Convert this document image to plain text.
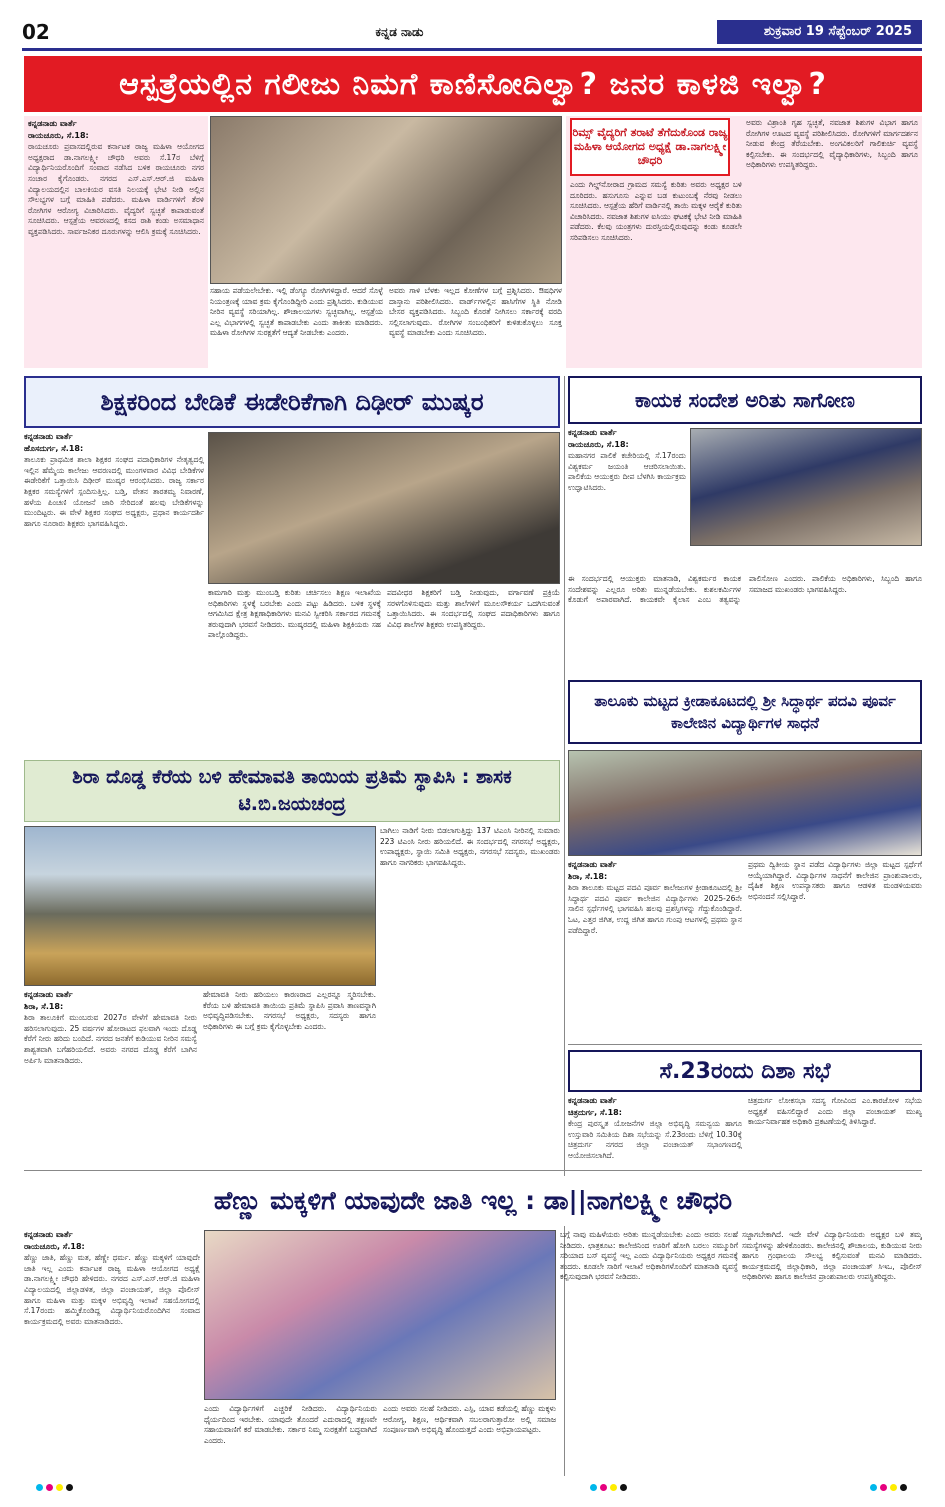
02	ಕನ್ನಡ ನಾಡು	ಶುಕ್ರವಾರ 19 ಸೆಪ್ಟೆಂಬರ್ 2025
ಆಸ್ಪತ್ರೆಯಲ್ಲಿನ ಗಲೀಜು ನಿಮಗೆ ಕಾಣಿಸೋದಿಲ್ವಾ? ಜನರ ಕಾಳಜಿ ಇಲ್ವಾ?
ಕನ್ನಡನಾಡು ವಾರ್ತೆ
ರಾಯಚೂರು, ಸೆ.18:
ರಾಯಚೂರು ಪ್ರವಾಸದಲ್ಲಿರುವ ಕರ್ನಾಟಕ ರಾಜ್ಯ ಮಹಿಳಾ ಆಯೋಗದ ಅಧ್ಯಕ್ಷರಾದ ಡಾ.ನಾಗಲಕ್ಷ್ಮೀ ಚೌಧರಿ ಅವರು ಸೆ.17ರ ಬೆಳಿಗ್ಗೆ ವಿದ್ಯಾರ್ಥಿನಿಯರೊಂದಿಗೆ ಸಂವಾದ ನಡೆಸಿದ ಬಳಿಕ ರಾಯಚೂರು ನಗರ ಸಂಚಾರ ಕೈಗೊಂಡರು. ನಗರದ ಎಸ್.ಎಸ್.ಆರ್.ಜಿ ಮಹಿಳಾ ವಿದ್ಯಾಲಯದಲ್ಲಿನ ಬಾಲಕಿಯರ ವಸತಿ ನಿಲಯಕ್ಕೆ ಭೇಟಿ ನೀಡಿ ಅಲ್ಲಿನ ಸೌಲಭ್ಯಗಳ ಬಗ್ಗೆ ಮಾಹಿತಿ ಪಡೆದರು. ಮಹಿಳಾ ವಾರ್ಡಿಗಳಿಗೆ ತೆರಳಿ ರೋಗಿಗಳ ಆರೋಗ್ಯ ವಿಚಾರಿಸಿದರು. ವೈದ್ಯರಿಗೆ ಸ್ವಚ್ಛತೆ ಕಾಪಾಡುವಂತೆ ಸೂಚಿಸಿದರು. ಆಸ್ಪತ್ರೆಯ ಆವರಣದಲ್ಲಿ ಕಸದ ರಾಶಿ ಕಂಡು ಅಸಮಾಧಾನ ವ್ಯಕ್ತಪಡಿಸಿದರು. ಸಾರ್ವಜನಿಕರ ದೂರುಗಳನ್ನು ಆಲಿಸಿ ಕ್ರಮಕ್ಕೆ ಸೂಚಿಸಿದರು.
ಸಹಾಯ ಪಡೆಯಲೇಬೇಕು. ಇಲ್ಲಿ ಡೆಂಗ್ಯೂ ರೋಗಿಗಳಿದ್ದಾರೆ. ಆದರೆ ಸೊಳ್ಳೆ ನಿಯಂತ್ರಣಕ್ಕೆ ಯಾವ ಕ್ರಮ ಕೈಗೊಂಡಿದ್ದೀರಿ ಎಂದು ಪ್ರಶ್ನಿಸಿದರು. ಕುಡಿಯುವ ನೀರಿನ ವ್ಯವಸ್ಥೆ ಸರಿಯಾಗಿಲ್ಲ. ಶೌಚಾಲಯಗಳು ಸ್ವಚ್ಛವಾಗಿಲ್ಲ. ಆಸ್ಪತ್ರೆಯ ಎಲ್ಲ ವಿಭಾಗಗಳಲ್ಲಿ ಸ್ವಚ್ಛತೆ ಕಾಪಾಡಬೇಕು ಎಂದು ತಾಕೀತು ಮಾಡಿದರು. ಮಹಿಳಾ ರೋಗಿಗಳ ಸುರಕ್ಷತೆಗೆ ಆದ್ಯತೆ ನೀಡಬೇಕು ಎಂದರು.
ಅವರು ಗಾಳಿ ಬೆಳಕು ಇಲ್ಲದ ಕೋಣೆಗಳ ಬಗ್ಗೆ ಪ್ರಶ್ನಿಸಿದರು. ಔಷಧಿಗಳ ದಾಸ್ತಾನು ಪರಿಶೀಲಿಸಿದರು. ವಾರ್ಡ್‌ಗಳಲ್ಲಿನ ಹಾಸಿಗೆಗಳ ಸ್ಥಿತಿ ನೋಡಿ ಬೇಸರ ವ್ಯಕ್ತಪಡಿಸಿದರು. ಸಿಬ್ಬಂದಿ ಕೊರತೆ ನೀಗಿಸಲು ಸರ್ಕಾರಕ್ಕೆ ವರದಿ ಸಲ್ಲಿಸಲಾಗುವುದು. ರೋಗಿಗಳ ಸಂಬಂಧಿಕರಿಗೆ ಕುಳಿತುಕೊಳ್ಳಲು ಸೂಕ್ತ ವ್ಯವಸ್ಥೆ ಮಾಡಬೇಕು ಎಂದು ಸೂಚಿಸಿದರು.
ರಿಮ್ಸ್ ವೈದ್ಯರಿಗೆ ತರಾಟೆ ತೆಗೆದುಕೊಂಡ ರಾಜ್ಯ ಮಹಿಳಾ ಆಯೋಗದ ಅಧ್ಯಕ್ಷೆ ಡಾ.ನಾಗಲಕ್ಷ್ಮೀ ಚೌಧರಿ
ಎಂದು ಗಿಲ್ಡ್‌ನೋರಾದ ಗ್ರಾಮದ ಸಮಸ್ಯೆ ಕುರಿತು ಅವರು ಅಧ್ಯಕ್ಷರ ಬಳಿ ದೂರಿದರು. ಹಸುಗೂಸು ಎನ್ನುವ ಬಡ ಕುಟುಂಬಕ್ಕೆ ನೆರವು ನೀಡಲು ಸೂಚಿಸಿದರು. ಆಸ್ಪತ್ರೆಯ ಹೆರಿಗೆ ವಾರ್ಡಿನಲ್ಲಿ ತಾಯಿ ಮಕ್ಕಳ ಆರೈಕೆ ಕುರಿತು ವಿಚಾರಿಸಿದರು. ನವಜಾತ ಶಿಶುಗಳ ಐಸಿಯು ಘಟಕಕ್ಕೆ ಭೇಟಿ ನೀಡಿ ಮಾಹಿತಿ ಪಡೆದರು. ಕೆಲವು ಯಂತ್ರಗಳು ದುರಸ್ತಿಯಲ್ಲಿರುವುದನ್ನು ಕಂಡು ಕೂಡಲೇ ಸರಿಪಡಿಸಲು ಸೂಚಿಸಿದರು.
ಅವರು ವಿಶ್ರಾಂತಿ ಗೃಹ ಸ್ವಚ್ಛತೆ, ನವಜಾತ ಶಿಶುಗಳ ವಿಭಾಗ ಹಾಗೂ ರೋಗಿಗಳ ಊಟದ ವ್ಯವಸ್ಥೆ ಪರಿಶೀಲಿಸಿದರು. ರೋಗಿಗಳಿಗೆ ಮಾರ್ಗದರ್ಶನ ನೀಡುವ ಕೇಂದ್ರ ತೆರೆಯಬೇಕು. ಅಂಗವಿಕಲರಿಗೆ ಗಾಲಿಕುರ್ಚಿ ವ್ಯವಸ್ಥೆ ಕಲ್ಪಿಸಬೇಕು. ಈ ಸಂದರ್ಭದಲ್ಲಿ ವೈದ್ಯಾಧಿಕಾರಿಗಳು, ಸಿಬ್ಬಂದಿ ಹಾಗೂ ಅಧಿಕಾರಿಗಳು ಉಪಸ್ಥಿತರಿದ್ದರು.
ಶಿಕ್ಷಕರಿಂದ ಬೇಡಿಕೆ ಈಡೇರಿಕೆಗಾಗಿ ದಿಢೀರ್ ಮುಷ್ಕರ
ಕನ್ನಡನಾಡು ವಾರ್ತೆ
ಹೊಸದುರ್ಗ, ಸೆ.18:
ತಾಲೂಕು ಪ್ರಾಥಮಿಕ ಶಾಲಾ ಶಿಕ್ಷಕರ ಸಂಘದ ಪದಾಧಿಕಾರಿಗಳ ನೇತೃತ್ವದಲ್ಲಿ ಇಲ್ಲಿನ ಹೆಮ್ಮೆಯ ಕಾಲೇಜು ಆವರಣದಲ್ಲಿ ಮುಂಗಳವಾರ ವಿವಿಧ ಬೇಡಿಕೆಗಳ ಈಡೇರಿಕೆಗೆ ಒತ್ತಾಯಿಸಿ ದಿಢೀರ್ ಮುಷ್ಕರ ಆರಂಭಿಸಿದರು. ರಾಜ್ಯ ಸರ್ಕಾರ ಶಿಕ್ಷಕರ ಸಮಸ್ಯೆಗಳಿಗೆ ಸ್ಪಂದಿಸುತ್ತಿಲ್ಲ. ಬಡ್ತಿ, ವೇತನ ತಾರತಮ್ಯ ನಿವಾರಣೆ, ಹಳೆಯ ಪಿಂಚಣಿ ಯೋಜನೆ ಜಾರಿ ಸೇರಿದಂತೆ ಹಲವು ಬೇಡಿಕೆಗಳನ್ನು ಮುಂದಿಟ್ಟರು. ಈ ವೇಳೆ ಶಿಕ್ಷಕರ ಸಂಘದ ಅಧ್ಯಕ್ಷರು, ಪ್ರಧಾನ ಕಾರ್ಯದರ್ಶಿ ಹಾಗೂ ನೂರಾರು ಶಿಕ್ಷಕರು ಭಾಗವಹಿಸಿದ್ದರು.
ಕಾಮಗಾರಿ ಮತ್ತು ಮುಂಬಡ್ತಿ ಕುರಿತು ಚರ್ಚಿಸಲು ಶಿಕ್ಷಣ ಇಲಾಖೆಯ ಅಧಿಕಾರಿಗಳು ಸ್ಥಳಕ್ಕೆ ಬರಬೇಕು ಎಂದು ಪಟ್ಟು ಹಿಡಿದರು. ಬಳಿಕ ಸ್ಥಳಕ್ಕೆ ಆಗಮಿಸಿದ ಕ್ಷೇತ್ರ ಶಿಕ್ಷಣಾಧಿಕಾರಿಗಳು ಮನವಿ ಸ್ವೀಕರಿಸಿ ಸರ್ಕಾರದ ಗಮನಕ್ಕೆ ತರುವುದಾಗಿ ಭರವಸೆ ನೀಡಿದರು. ಮುಷ್ಕರದಲ್ಲಿ ಮಹಿಳಾ ಶಿಕ್ಷಕಿಯರು ಸಹ ಪಾಲ್ಗೊಂಡಿದ್ದರು.
ಪದವೀಧರ ಶಿಕ್ಷಕರಿಗೆ ಬಡ್ತಿ ನೀಡುವುದು, ವರ್ಗಾವಣೆ ಪ್ರಕ್ರಿಯೆ ಸರಳಗೊಳಿಸುವುದು ಮತ್ತು ಶಾಲೆಗಳಿಗೆ ಮೂಲಸೌಕರ್ಯ ಒದಗಿಸುವಂತೆ ಒತ್ತಾಯಿಸಿದರು. ಈ ಸಂದರ್ಭದಲ್ಲಿ ಸಂಘದ ಪದಾಧಿಕಾರಿಗಳು ಹಾಗೂ ವಿವಿಧ ಶಾಲೆಗಳ ಶಿಕ್ಷಕರು ಉಪಸ್ಥಿತರಿದ್ದರು.
ಕಾಯಕ ಸಂದೇಶ ಅರಿತು ಸಾಗೋಣ
ಕನ್ನಡನಾಡು ವಾರ್ತೆ
ರಾಯಚೂರು, ಸೆ.18:
ಮಹಾನಗರ ಪಾಲಿಕೆ ಕಚೇರಿಯಲ್ಲಿ ಸೆ.17ರಂದು ವಿಶ್ವಕರ್ಮ ಜಯಂತಿ ಆಚರಿಸಲಾಯಿತು. ಪಾಲಿಕೆಯ ಆಯುಕ್ತರು ದೀಪ ಬೆಳಗಿಸಿ ಕಾರ್ಯಕ್ರಮ ಉದ್ಘಾಟಿಸಿದರು.
ಈ ಸಂದರ್ಭದಲ್ಲಿ ಆಯುಕ್ತರು ಮಾತನಾಡಿ, ವಿಶ್ವಕರ್ಮರ ಕಾಯಕ ಸಂದೇಶವನ್ನು ಎಲ್ಲರೂ ಅರಿತು ಮುನ್ನಡೆಯಬೇಕು. ಕುಶಲಕರ್ಮಿಗಳ ಕೊಡುಗೆ ಅಪಾರವಾಗಿದೆ. ಕಾಯಕವೇ ಕೈಲಾಸ ಎಂಬ ತತ್ವವನ್ನು ಪಾಲಿಸೋಣ ಎಂದರು. ಪಾಲಿಕೆಯ ಅಧಿಕಾರಿಗಳು, ಸಿಬ್ಬಂದಿ ಹಾಗೂ ಸಮಾಜದ ಮುಖಂಡರು ಭಾಗವಹಿಸಿದ್ದರು.
ತಾಲೂಕು ಮಟ್ಟದ ಕ್ರೀಡಾಕೂಟದಲ್ಲಿ ಶ್ರೀ ಸಿದ್ಧಾರ್ಥ ಪದವಿ ಪೂರ್ವ ಕಾಲೇಜಿನ ವಿದ್ಯಾರ್ಥಿಗಳ ಸಾಧನೆ
ಕನ್ನಡನಾಡು ವಾರ್ತೆ
ಶಿರಾ, ಸೆ.18:
ಶಿರಾ ತಾಲೂಕು ಮಟ್ಟದ ಪದವಿ ಪೂರ್ವ ಕಾಲೇಜುಗಳ ಕ್ರೀಡಾಕೂಟದಲ್ಲಿ ಶ್ರೀ ಸಿದ್ಧಾರ್ಥ ಪದವಿ ಪೂರ್ವ ಕಾಲೇಜಿನ ವಿದ್ಯಾರ್ಥಿಗಳು 2025-26ನೇ ಸಾಲಿನ ಸ್ಪರ್ಧೆಗಳಲ್ಲಿ ಭಾಗವಹಿಸಿ ಹಲವು ಪ್ರಶಸ್ತಿಗಳನ್ನು ಗೆದ್ದುಕೊಂಡಿದ್ದಾರೆ. ಓಟ, ಎತ್ತರ ಜಿಗಿತ, ಉದ್ದ ಜಿಗಿತ ಹಾಗೂ ಗುಂಪು ಆಟಗಳಲ್ಲಿ ಪ್ರಥಮ ಸ್ಥಾನ ಪಡೆದಿದ್ದಾರೆ.
ಪ್ರಥಮ ದ್ವಿತೀಯ ಸ್ಥಾನ ಪಡೆದ ವಿದ್ಯಾರ್ಥಿಗಳು ಜಿಲ್ಲಾ ಮಟ್ಟದ ಸ್ಪರ್ಧೆಗೆ ಆಯ್ಕೆಯಾಗಿದ್ದಾರೆ. ವಿದ್ಯಾರ್ಥಿಗಳ ಸಾಧನೆಗೆ ಕಾಲೇಜಿನ ಪ್ರಾಂಶುಪಾಲರು, ದೈಹಿಕ ಶಿಕ್ಷಣ ಉಪನ್ಯಾಸಕರು ಹಾಗೂ ಆಡಳಿತ ಮಂಡಳಿಯವರು ಅಭಿನಂದನೆ ಸಲ್ಲಿಸಿದ್ದಾರೆ.
ಶಿರಾ ದೊಡ್ಡ ಕೆರೆಯ ಬಳಿ ಹೇಮಾವತಿ ತಾಯಿಯ ಪ್ರತಿಮೆ ಸ್ಥಾಪಿಸಿ : ಶಾಸಕ ಟಿ.ಬಿ.ಜಯಚಂದ್ರ
ಬಾಗಿಲು ನಾಡಿಗೆ ನೀರು ಬಿಡಲಾಗುತ್ತಿದ್ದು 137 ಟಿಎಂಸಿ ನೀರಿನಲ್ಲಿ ಸುಮಾರು 223 ಟಿಎಂಸಿ ನೀರು ಹರಿಯಲಿದೆ. ಈ ಸಂದರ್ಭದಲ್ಲಿ ನಗರಸಭೆ ಅಧ್ಯಕ್ಷರು, ಉಪಾಧ್ಯಕ್ಷರು, ಸ್ಥಾಯಿ ಸಮಿತಿ ಅಧ್ಯಕ್ಷರು, ನಗರಸಭೆ ಸದಸ್ಯರು, ಮುಖಂಡರು ಹಾಗೂ ನಾಗರಿಕರು ಭಾಗವಹಿಸಿದ್ದರು.
ಕನ್ನಡನಾಡು ವಾರ್ತೆ
ಶಿರಾ, ಸೆ.18:
ಶಿರಾ ತಾಲೂಕಿಗೆ ಮುಂಬರುವ 2027ರ ವೇಳೆಗೆ ಹೇಮಾವತಿ ನೀರು ಹರಿಸಲಾಗುವುದು. 25 ವರ್ಷಗಳ ಹೋರಾಟದ ಫಲವಾಗಿ ಇಂದು ದೊಡ್ಡ ಕೆರೆಗೆ ನೀರು ಹರಿದು ಬಂದಿದೆ. ನಗರದ ಜನತೆಗೆ ಕುಡಿಯುವ ನೀರಿನ ಸಮಸ್ಯೆ ಶಾಶ್ವತವಾಗಿ ಬಗೆಹರಿಯಲಿದೆ. ಅವರು ನಗರದ ದೊಡ್ಡ ಕೆರೆಗೆ ಬಾಗಿನ ಅರ್ಪಿಸಿ ಮಾತನಾಡಿದರು.
ಹೇಮಾವತಿ ನೀರು ಹರಿಯಲು ಕಾರಣರಾದ ಎಲ್ಲರನ್ನೂ ಸ್ಮರಿಸಬೇಕು. ಕೆರೆಯ ಬಳಿ ಹೇಮಾವತಿ ತಾಯಿಯ ಪ್ರತಿಮೆ ಸ್ಥಾಪಿಸಿ ಪ್ರವಾಸಿ ತಾಣವನ್ನಾಗಿ ಅಭಿವೃದ್ಧಿಪಡಿಸಬೇಕು. ನಗರಸಭೆ ಅಧ್ಯಕ್ಷರು, ಸದಸ್ಯರು ಹಾಗೂ ಅಧಿಕಾರಿಗಳು ಈ ಬಗ್ಗೆ ಕ್ರಮ ಕೈಗೊಳ್ಳಬೇಕು ಎಂದರು.
ಸೆ.23ರಂದು ದಿಶಾ ಸಭೆ
ಕನ್ನಡನಾಡು ವಾರ್ತೆ
ಚಿತ್ರದುರ್ಗ, ಸೆ.18:
ಕೇಂದ್ರ ಪುರಸ್ಕೃತ ಯೋಜನೆಗಳ ಜಿಲ್ಲಾ ಅಭಿವೃದ್ಧಿ ಸಮನ್ವಯ ಹಾಗೂ ಉಸ್ತುವಾರಿ ಸಮಿತಿಯ ದಿಶಾ ಸಭೆಯನ್ನು ಸೆ.23ರಂದು ಬೆಳಿಗ್ಗೆ 10.30ಕ್ಕೆ ಚಿತ್ರದುರ್ಗ ನಗರದ ಜಿಲ್ಲಾ ಪಂಚಾಯತ್ ಸಭಾಂಗಣದಲ್ಲಿ ಆಯೋಜಿಸಲಾಗಿದೆ.
ಚಿತ್ರದುರ್ಗ ಲೋಕಸಭಾ ಸದಸ್ಯ ಗೋವಿಂದ ಎಂ.ಕಾರಜೋಳ ಸಭೆಯ ಅಧ್ಯಕ್ಷತೆ ವಹಿಸಲಿದ್ದಾರೆ ಎಂದು ಜಿಲ್ಲಾ ಪಂಚಾಯತ್ ಮುಖ್ಯ ಕಾರ್ಯನಿರ್ವಾಹಕ ಅಧಿಕಾರಿ ಪ್ರಕಟಣೆಯಲ್ಲಿ ತಿಳಿಸಿದ್ದಾರೆ.
ಹೆಣ್ಣು ಮಕ್ಕಳಿಗೆ ಯಾವುದೇ ಜಾತಿ ಇಲ್ಲ : ಡಾ||ನಾಗಲಕ್ಷ್ಮೀ ಚೌಧರಿ
ಕನ್ನಡನಾಡು ವಾರ್ತೆ
ರಾಯಚೂರು, ಸೆ.18:
ಹೆಣ್ಣು ಜಾತಿ, ಹೆಣ್ಣು ಮತ, ಹೆಣ್ಣೇ ಧರ್ಮ. ಹೆಣ್ಣು ಮಕ್ಕಳಿಗೆ ಯಾವುದೇ ಜಾತಿ ಇಲ್ಲ ಎಂದು ಕರ್ನಾಟಕ ರಾಜ್ಯ ಮಹಿಳಾ ಆಯೋಗದ ಅಧ್ಯಕ್ಷೆ ಡಾ.ನಾಗಲಕ್ಷ್ಮೀ ಚೌಧರಿ ಹೇಳಿದರು. ನಗರದ ಎಸ್.ಎಸ್.ಆರ್.ಜಿ ಮಹಿಳಾ ವಿದ್ಯಾಲಯದಲ್ಲಿ ಜಿಲ್ಲಾಡಳಿತ, ಜಿಲ್ಲಾ ಪಂಚಾಯತ್, ಜಿಲ್ಲಾ ಪೊಲೀಸ್ ಹಾಗೂ ಮಹಿಳಾ ಮತ್ತು ಮಕ್ಕಳ ಅಭಿವೃದ್ಧಿ ಇಲಾಖೆ ಸಹಯೋಗದಲ್ಲಿ ಸೆ.17ರಂದು ಹಮ್ಮಿಕೊಂಡಿದ್ದ ವಿದ್ಯಾರ್ಥಿನಿಯರೊಂದಿಗಿನ ಸಂವಾದ ಕಾರ್ಯಕ್ರಮದಲ್ಲಿ ಅವರು ಮಾತನಾಡಿದರು.
ಎಂದು ವಿದ್ಯಾರ್ಥಿಗಳಿಗೆ ಎಚ್ಚರಿಕೆ ನೀಡಿದರು. ವಿದ್ಯಾರ್ಥಿನಿಯರು ಧೈರ್ಯದಿಂದ ಇರಬೇಕು. ಯಾವುದೇ ತೊಂದರೆ ಎದುರಾದಲ್ಲಿ ತಕ್ಷಣವೇ ಸಹಾಯವಾಣಿಗೆ ಕರೆ ಮಾಡಬೇಕು. ಸರ್ಕಾರ ನಿಮ್ಮ ಸುರಕ್ಷತೆಗೆ ಬದ್ಧವಾಗಿದೆ ಎಂದರು.
ಎಂದು ಅವರು ಸಲಹೆ ನೀಡಿದರು. ಎಸ್ಪಿ, ಯಾವ ಕಡೆಯಲ್ಲಿ ಹೆಣ್ಣು ಮಕ್ಕಳು ಆರೋಗ್ಯ, ಶಿಕ್ಷಣ, ಆರ್ಥಿಕವಾಗಿ ಸಬಲರಾಗುತ್ತಾರೋ ಅಲ್ಲಿ ಸಮಾಜ ಸಂಪೂರ್ಣವಾಗಿ ಅಭಿವೃದ್ಧಿ ಹೊಂದುತ್ತದೆ ಎಂದು ಅಭಿಪ್ರಾಯಪಟ್ಟರು.
ಬಗ್ಗೆ ನಾವು ಮಹಿಳೆಯರು ಅರಿತು ಮುನ್ನಡೆಯಬೇಕು ಎಂದು ಅವರು ಸಲಹೆ ನೀಡಿದರು. ಛಾತ್ರಕೂಟ: ಕಾಲೇಜಿನಿಂದ ಊರಿಗೆ ಹೋಗಿ ಬರಲು ನಮ್ಮೂರಿಗೆ ಸರಿಯಾದ ಬಸ್ ವ್ಯವಸ್ಥೆ ಇಲ್ಲ ಎಂದು ವಿದ್ಯಾರ್ಥಿನಿಯರು ಅಧ್ಯಕ್ಷರ ಗಮನಕ್ಕೆ ತಂದರು. ಕೂಡಲೇ ಸಾರಿಗೆ ಇಲಾಖೆ ಅಧಿಕಾರಿಗಳೊಂದಿಗೆ ಮಾತನಾಡಿ ವ್ಯವಸ್ಥೆ ಕಲ್ಪಿಸುವುದಾಗಿ ಭರವಸೆ ನೀಡಿದರು.
ಸಜ್ಜಾಗಬೇಕಾಗಿದೆ. ಇದೇ ವೇಳೆ ವಿದ್ಯಾರ್ಥಿನಿಯರು ಅಧ್ಯಕ್ಷರ ಬಳಿ ತಮ್ಮ ಸಮಸ್ಯೆಗಳನ್ನು ಹೇಳಿಕೊಂಡರು. ಕಾಲೇಜಿನಲ್ಲಿ ಶೌಚಾಲಯ, ಕುಡಿಯುವ ನೀರು ಹಾಗೂ ಗ್ರಂಥಾಲಯ ಸೌಲಭ್ಯ ಕಲ್ಪಿಸುವಂತೆ ಮನವಿ ಮಾಡಿದರು. ಕಾರ್ಯಕ್ರಮದಲ್ಲಿ ಜಿಲ್ಲಾಧಿಕಾರಿ, ಜಿಲ್ಲಾ ಪಂಚಾಯತ್ ಸಿಇಒ, ಪೊಲೀಸ್ ಅಧಿಕಾರಿಗಳು ಹಾಗೂ ಕಾಲೇಜಿನ ಪ್ರಾಂಶುಪಾಲರು ಉಪಸ್ಥಿತರಿದ್ದರು.
